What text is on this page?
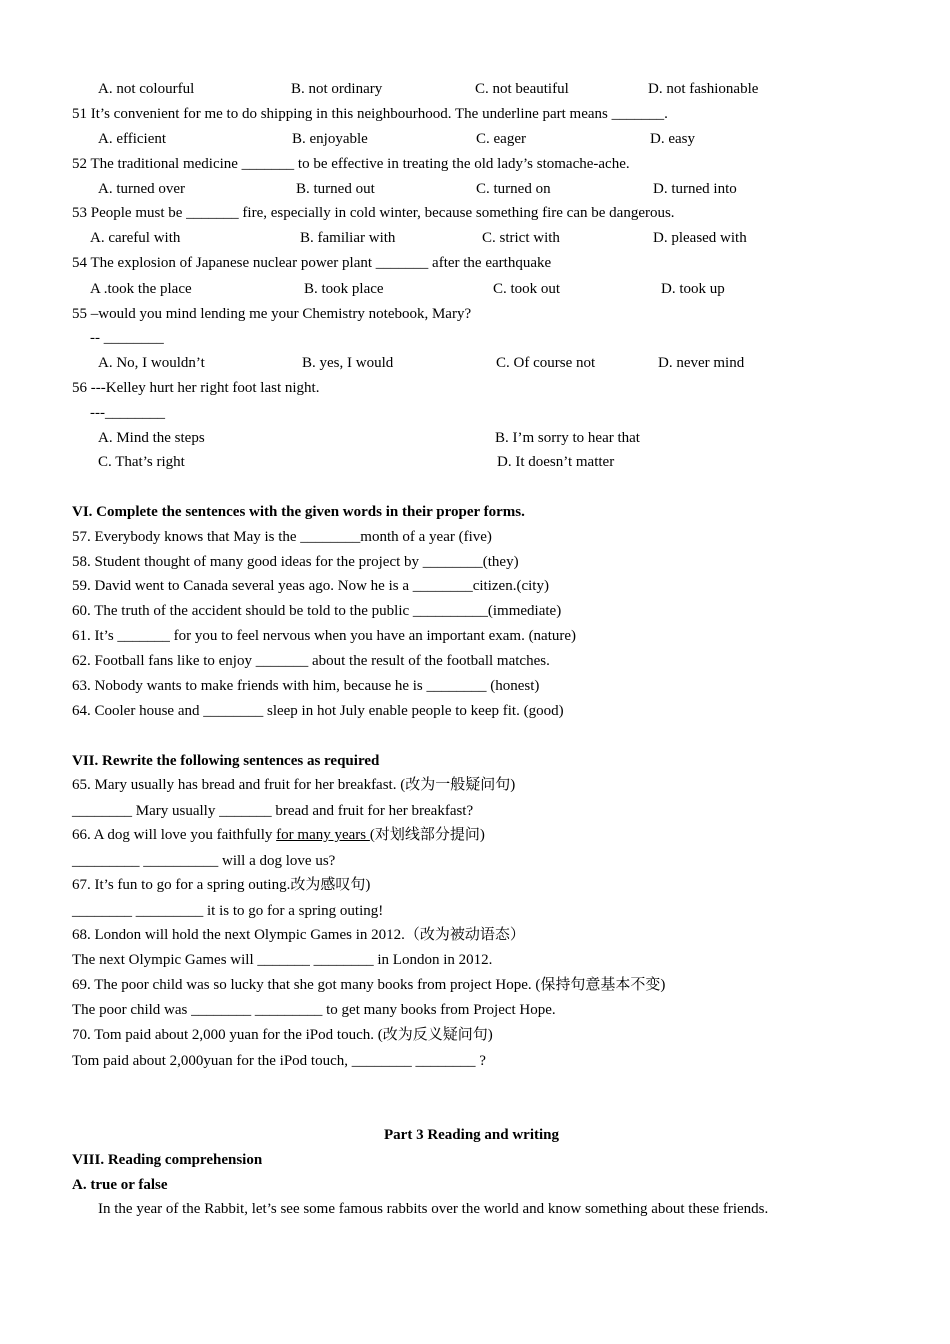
A. not colourful	B. not ordinary	C. not beautiful	D. not fashionable
51 It’s convenient for me to do shipping in this neighbourhood. The underline part means _______.
A. efficient	B. enjoyable	C. eager	D. easy
52 The traditional medicine _______ to be effective in treating the old lady’s stomache-ache.
A. turned over	B. turned out	C. turned on	D. turned into
53 People must be _______ fire, especially in cold winter, because something fire can be dangerous.
A. careful with	B. familiar with	C. strict with	D. pleased with
54 The explosion of Japanese nuclear power plant _______ after the earthquake
A .took the place	B. took place	C. took out	D. took up
55 –would you mind lending me your Chemistry notebook, Mary?
-- ________
A. No, I wouldn’t	B. yes, I would	C. Of course not	D. never mind
56 ---Kelley hurt her right foot last night.
---________
A. Mind the steps	B. I’m sorry to hear that
C. That’s right	D. It doesn’t matter
VI. Complete the sentences with the given words in their proper forms.
57. Everybody knows that May is the ________month of a year (five)
58. Student thought of many good ideas for the project by ________(they)
59. David went to Canada several yeas ago. Now he is a ________citizen.(city)
60. The truth of the accident should be told to the public __________(immediate)
61. It’s _______ for you to feel nervous when you have an important exam. (nature)
62. Football fans like to enjoy _______ about the result of the football matches.
63. Nobody wants to make friends with him, because he is ________ (honest)
64. Cooler house and ________ sleep in hot July enable people to keep fit. (good)
VII. Rewrite the following sentences as required
65. Mary usually has bread and fruit for her breakfast. (改为一般疑问句)
________ Mary usually _______ bread and fruit for her breakfast?
66. A dog will love you faithfully for many years (对划线部分提问)
_________ __________ will a dog love us?
67. It’s fun to go for a spring outing.改为感叹句)
________ _________ it is to go for a spring outing!
68. London will hold the next Olympic Games in 2012.（改为被动语态）
The next Olympic Games will _______ ________ in London in 2012.
69. The poor child was so lucky that she got many books from project Hope. (保持句意基本不变)
The poor child was ________ _________ to get many books from Project Hope.
70. Tom paid about 2,000 yuan for the iPod touch. (改为反义疑问句)
Tom paid about 2,000yuan for the iPod touch, ________ ________ ?
Part 3 Reading and writing
VIII. Reading comprehension
A. true or false
In the year of the Rabbit, let’s see some famous rabbits over the world and know something about these friends.
